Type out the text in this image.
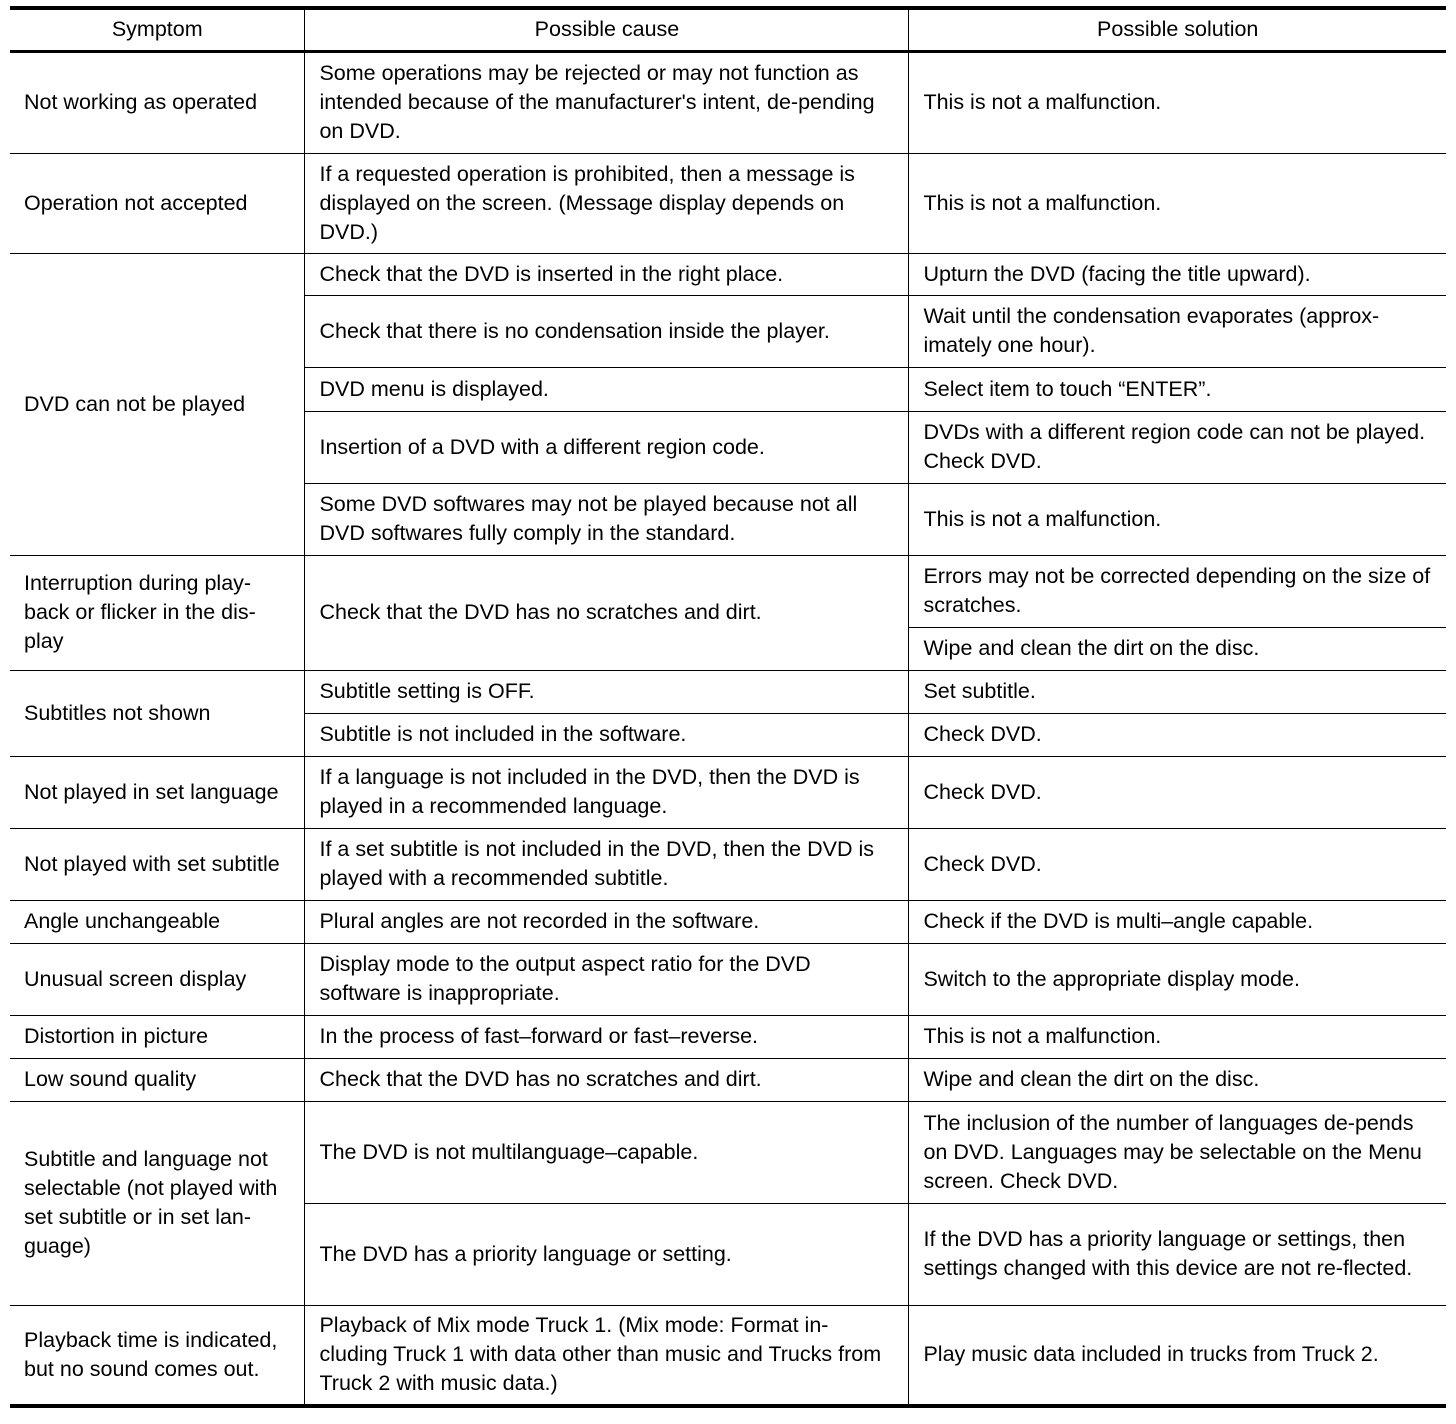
Symptom	Possible cause	Possible solution
Not working as operated	Some operations may be rejected or may not function as intended because of the manufacturer's intent, de-pending on DVD.	This is not a malfunction.
Operation not accepted	If a requested operation is prohibited, then a message is displayed on the screen. (Message display depends on DVD.)	This is not a malfunction.
DVD can not be played	Check that the DVD is inserted in the right place.	Upturn the DVD (facing the title upward).
	Check that there is no condensation inside the player.	Wait until the condensation evaporates (approx-imately one hour).
	DVD menu is displayed.	Select item to touch “ENTER”.
	Insertion of a DVD with a different region code.	DVDs with a different region code can not be played. Check DVD.
	Some DVD softwares may not be played because not all DVD softwares fully comply in the standard.	This is not a malfunction.
Interruption during play-back or flicker in the dis-play	Check that the DVD has no scratches and dirt.	Errors may not be corrected depending on the size of scratches.
		Wipe and clean the dirt on the disc.
Subtitles not shown	Subtitle setting is OFF.	Set subtitle.
	Subtitle is not included in the software.	Check DVD.
Not played in set language	If a language is not included in the DVD, then the DVD is played in a recommended language.	Check DVD.
Not played with set subtitle	If a set subtitle is not included in the DVD, then the DVD is played with a recommended subtitle.	Check DVD.
Angle unchangeable	Plural angles are not recorded in the software.	Check if the DVD is multi–angle capable.
Unusual screen display	Display mode to the output aspect ratio for the DVD software is inappropriate.	Switch to the appropriate display mode.
Distortion in picture	In the process of fast–forward or fast–reverse.	This is not a malfunction.
Low sound quality	Check that the DVD has no scratches and dirt.	Wipe and clean the dirt on the disc.
Subtitle and language not selectable (not played with set subtitle or in set lan-guage)	The DVD is not multilanguage–capable.	The inclusion of the number of languages de-pends on DVD. Languages may be selectable on the Menu screen. Check DVD.
	The DVD has a priority language or setting.	If the DVD has a priority language or settings, then settings changed with this device are not re-flected.
Playback time is indicated, but no sound comes out.	Playback of Mix mode Truck 1. (Mix mode: Format in-cluding Truck 1 with data other than music and Trucks from Truck 2 with music data.)	Play music data included in trucks from Truck 2.
